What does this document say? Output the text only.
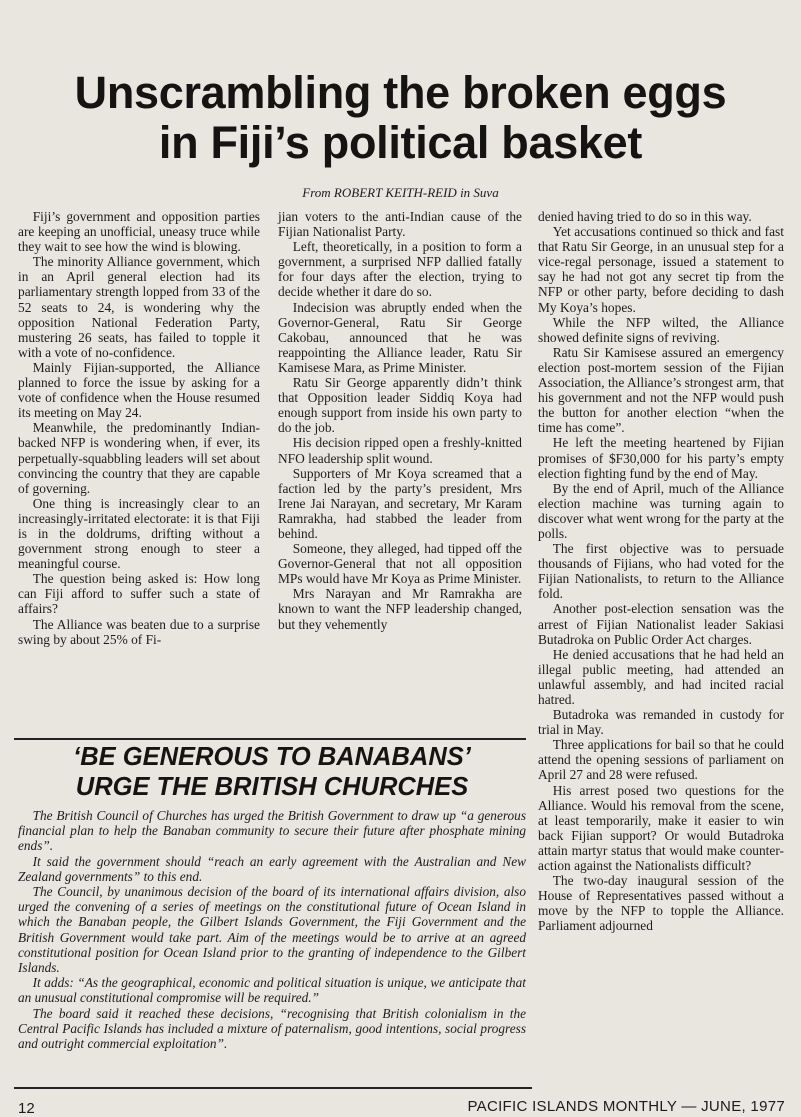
Unscrambling the broken eggs
in Fiji’s political basket

From ROBERT KEITH-REID in Suva

Fiji’s government and opposition parties are keeping an unofficial, uneasy truce while they wait to see how the wind is blowing.

The minority Alliance government, which in an April general election had its parliamentary strength lopped from 33 of the 52 seats to 24, is wondering why the opposition National Federation Party, mustering 26 seats, has failed to topple it with a vote of no-confidence.

Mainly Fijian-supported, the Alliance planned to force the issue by asking for a vote of confidence when the House resumed its meeting on May 24.

Meanwhile, the predominantly Indian-backed NFP is wondering when, if ever, its perpetually-squabbling leaders will set about convincing the country that they are capable of governing.

One thing is increasingly clear to an increasingly-irritated electorate: it is that Fiji is in the doldrums, drifting without a government strong enough to steer a meaningful course.

The question being asked is: How long can Fiji afford to suffer such a state of affairs?

The Alliance was beaten due to a surprise swing by about 25% of Fi-

jian voters to the anti-Indian cause of the Fijian Nationalist Party.

Left, theoretically, in a position to form a government, a surprised NFP dallied fatally for four days after the election, trying to decide whether it dare do so.

Indecision was abruptly ended when the Governor-General, Ratu Sir George Cakobau, announced that he was reappointing the Alliance leader, Ratu Sir Kamisese Mara, as Prime Minister.

Ratu Sir George apparently didn’t think that Opposition leader Siddiq Koya had enough support from inside his own party to do the job.

His decision ripped open a freshly-knitted NFO leadership split wound.

Supporters of Mr Koya screamed that a faction led by the party’s president, Mrs Irene Jai Narayan, and secretary, Mr Karam Ramrakha, had stabbed the leader from behind.

Someone, they alleged, had tipped off the Governor-General that not all opposition MPs would have Mr Koya as Prime Minister.

Mrs Narayan and Mr Ramrakha are known to want the NFP leadership changed, but they vehemently

denied having tried to do so in this way.

Yet accusations continued so thick and fast that Ratu Sir George, in an unusual step for a vice-regal personage, issued a statement to say he had not got any secret tip from the NFP or other party, before deciding to dash My Koya’s hopes.

While the NFP wilted, the Alliance showed definite signs of reviving.

Ratu Sir Kamisese assured an emergency election post-mortem session of the Fijian Association, the Alliance’s strongest arm, that his government and not the NFP would push the button for another election “when the time has come”.

He left the meeting heartened by Fijian promises of $F30,000 for his party’s empty election fighting fund by the end of May.

By the end of April, much of the Alliance election machine was turning again to discover what went wrong for the party at the polls.

The first objective was to persuade thousands of Fijians, who had voted for the Fijian Nationalists, to return to the Alliance fold.

Another post-election sensation was the arrest of Fijian Nationalist leader Sakiasi Butadroka on Public Order Act charges.

He denied accusations that he had held an illegal public meeting, had attended an unlawful assembly, and had incited racial hatred.

Butadroka was remanded in custody for trial in May.

Three applications for bail so that he could attend the opening sessions of parliament on April 27 and 28 were refused.

His arrest posed two questions for the Alliance. Would his removal from the scene, at least temporarily, make it easier to win back Fijian support? Or would Butadroka attain martyr status that would make counter-action against the Nationalists difficult?

The two-day inaugural session of the House of Representatives passed without a move by the NFP to topple the Alliance. Parliament adjourned

‘BE GENEROUS TO BANABANS’
URGE THE BRITISH CHURCHES

The British Council of Churches has urged the British Government to draw up “a generous financial plan to help the Banaban community to secure their future after phosphate mining ends”.

It said the government should “reach an early agreement with the Australian and New Zealand governments” to this end.

The Council, by unanimous decision of the board of its international affairs division, also urged the convening of a series of meetings on the constitutional future of Ocean Island in which the Banaban people, the Gilbert Islands Government, the Fiji Government and the British Government would take part. Aim of the meetings would be to arrive at an agreed constitutional position for Ocean Island prior to the granting of independence to the Gilbert Islands.

It adds: “As the geographical, economic and political situation is unique, we anticipate that an unusual constitutional compromise will be required.”

The board said it reached these decisions, “recognising that British colonialism in the Central Pacific Islands has included a mixture of paternalism, good intentions, social progress and outright commercial exploitation”.

12	PACIFIC ISLANDS MONTHLY — JUNE, 1977
